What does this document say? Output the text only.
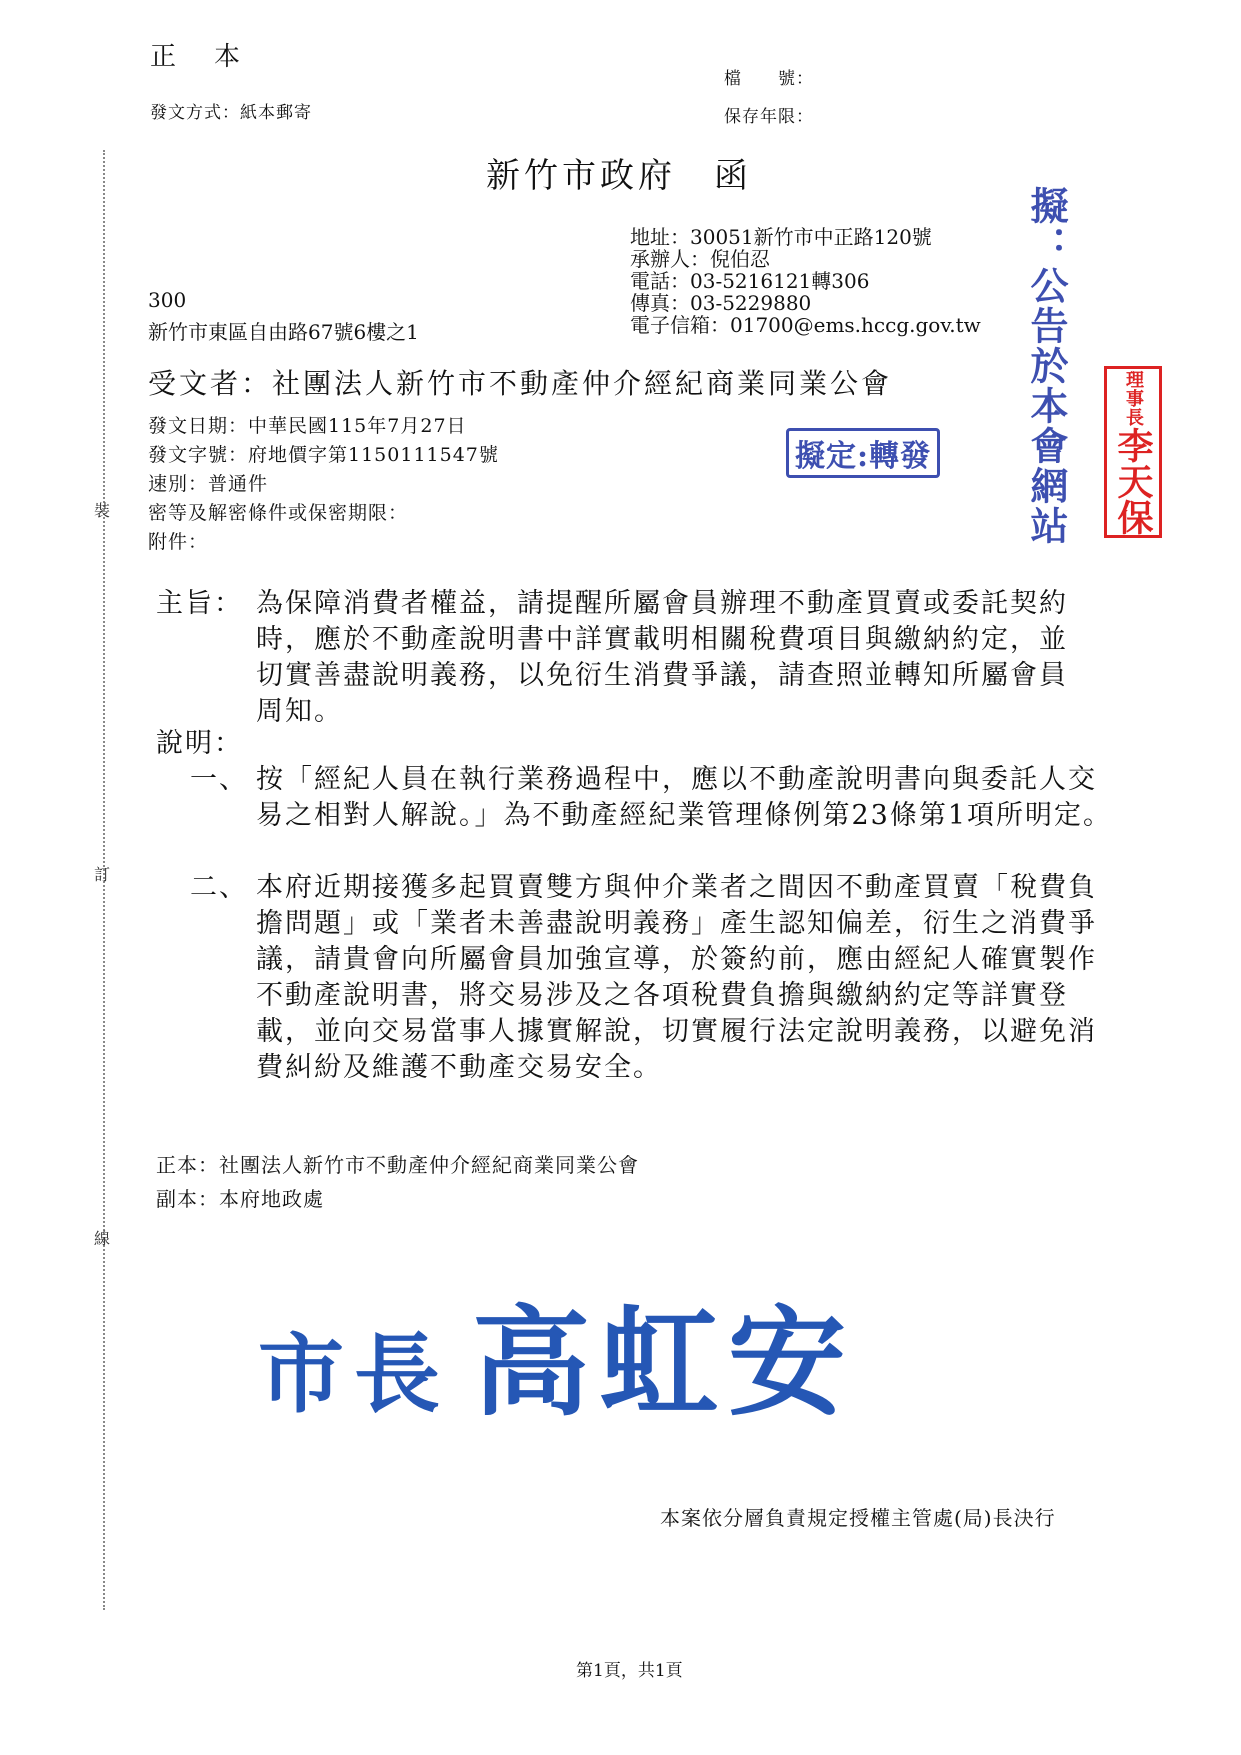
裝
訂
線
正　本
發文方式：紙本郵寄
檔　　號：
保存年限：
新竹市政府　函
地址：30051新竹市中正路120號
承辦人：倪伯忍
電話：03-5216121轉306
傳真：03-5229880
電子信箱：01700@ems.hccg.gov.tw
300
新竹市東區自由路67號6樓之1
受文者：社團法人新竹市不動產仲介經紀商業同業公會
發文日期：中華民國115年7月27日
發文字號：府地價字第1150111547號
速別：普通件
密等及解密條件或保密期限：
附件：
擬定:轉發 擬：公告於本會網站	理事長
李天保
主旨： 為保障消費者權益，請提醒所屬會員辦理不動產買賣或委託契約時，應於不動產說明書中詳實載明相關稅費項目與繳納約定，並切實善盡說明義務，以免衍生消費爭議，請查照並轉知所屬會員周知。
說明：
一、 按「經紀人員在執行業務過程中，應以不動產說明書向與委託人交易之相對人解說。」為不動產經紀業管理條例第23條第1項所明定。
二、 本府近期接獲多起買賣雙方與仲介業者之間因不動產買賣「稅費負擔問題」或「業者未善盡說明義務」產生認知偏差，衍生之消費爭議，請貴會向所屬會員加強宣導，於簽約前，應由經紀人確實製作不動產說明書，將交易涉及之各項稅費負擔與繳納約定等詳實登載，並向交易當事人據實解說，切實履行法定說明義務，以避免消費糾紛及維護不動產交易安全。
正本：社團法人新竹市不動產仲介經紀商業同業公會
副本：本府地政處
市長 高虹安
本案依分層負責規定授權主管處(局)長決行
第1頁，共1頁
